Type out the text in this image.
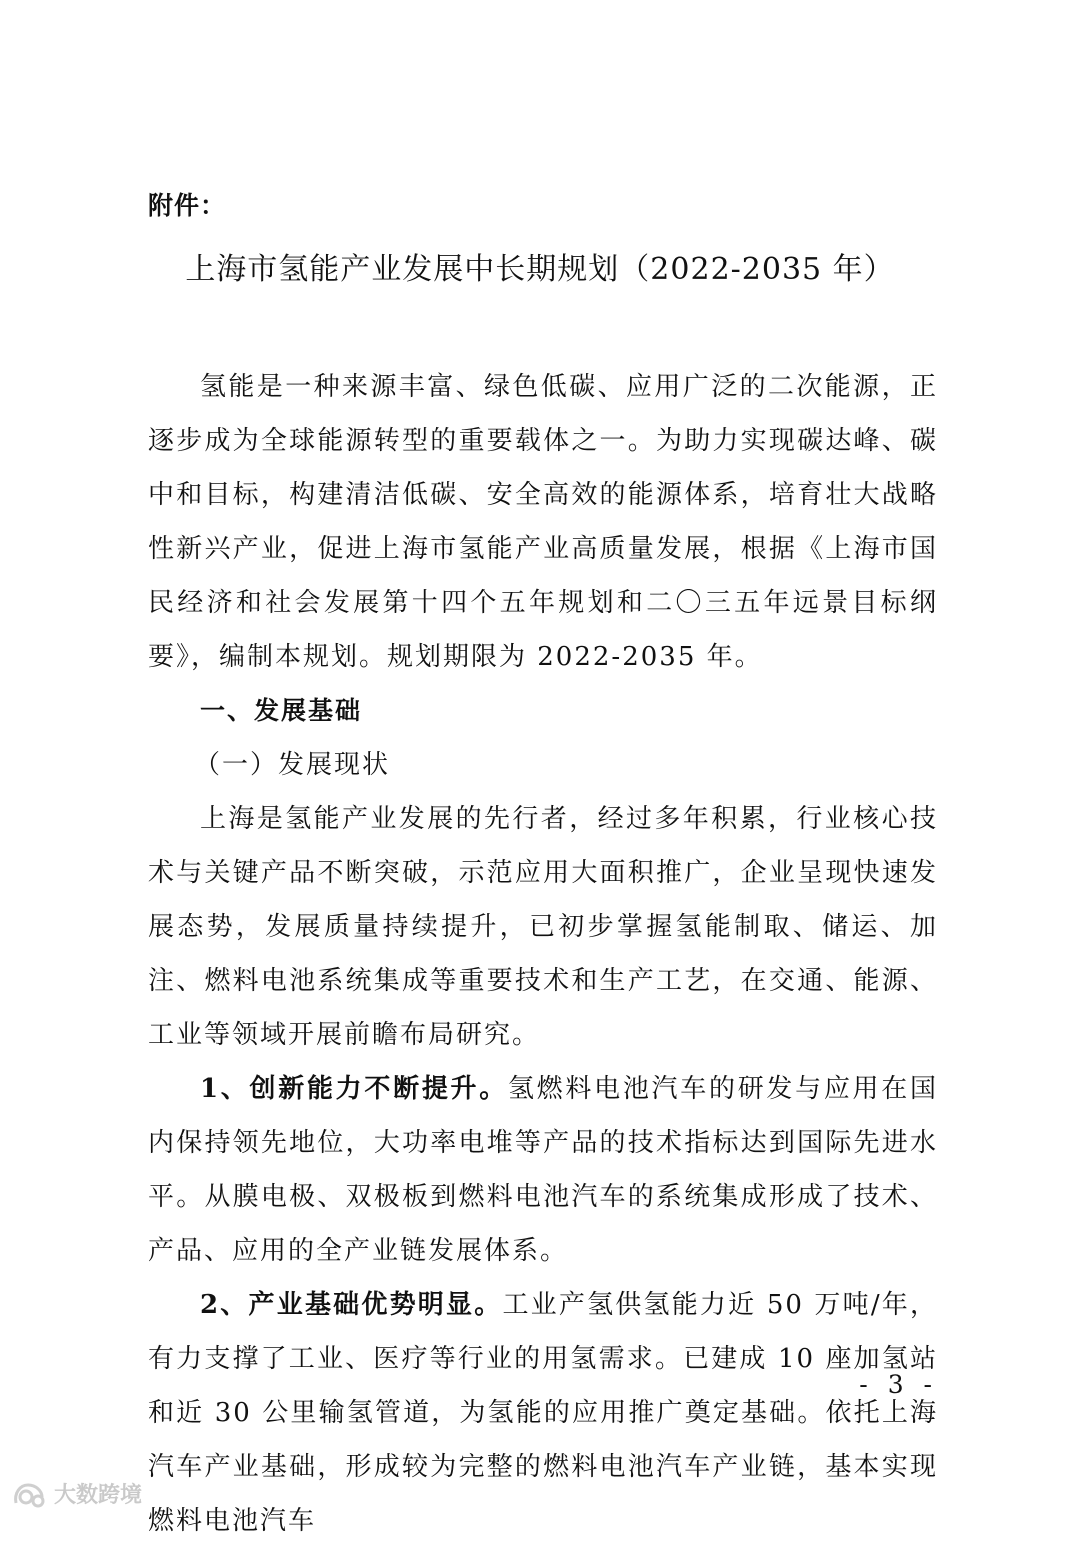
附件：
上海市氢能产业发展中长期规划（2022-2035 年）

氢能是一种来源丰富、绿色低碳、应用广泛的二次能源，正逐步成为全球能源转型的重要载体之一。为助力实现碳达峰、碳中和目标，构建清洁低碳、安全高效的能源体系，培育壮大战略性新兴产业，促进上海市氢能产业高质量发展，根据《上海市国民经济和社会发展第十四个五年规划和二〇三五年远景目标纲要》，编制本规划。规划期限为 2022-2035 年。

一、发展基础

（一）发展现状

上海是氢能产业发展的先行者，经过多年积累，行业核心技术与关键产品不断突破，示范应用大面积推广，企业呈现快速发展态势，发展质量持续提升，已初步掌握氢能制取、储运、加注、燃料电池系统集成等重要技术和生产工艺，在交通、能源、工业等领域开展前瞻布局研究。

1、创新能力不断提升。氢燃料电池汽车的研发与应用在国内保持领先地位，大功率电堆等产品的技术指标达到国际先进水平。从膜电极、双极板到燃料电池汽车的系统集成形成了技术、产品、应用的全产业链发展体系。

2、产业基础优势明显。工业产氢供氢能力近 50 万吨/年，有力支撑了工业、医疗等行业的用氢需求。已建成 10 座加氢站和近 30 公里输氢管道，为氢能的应用推广奠定基础。依托上海汽车产业基础，形成较为完整的燃料电池汽车产业链，基本实现燃料电池汽车

- 3 -
大数跨境
